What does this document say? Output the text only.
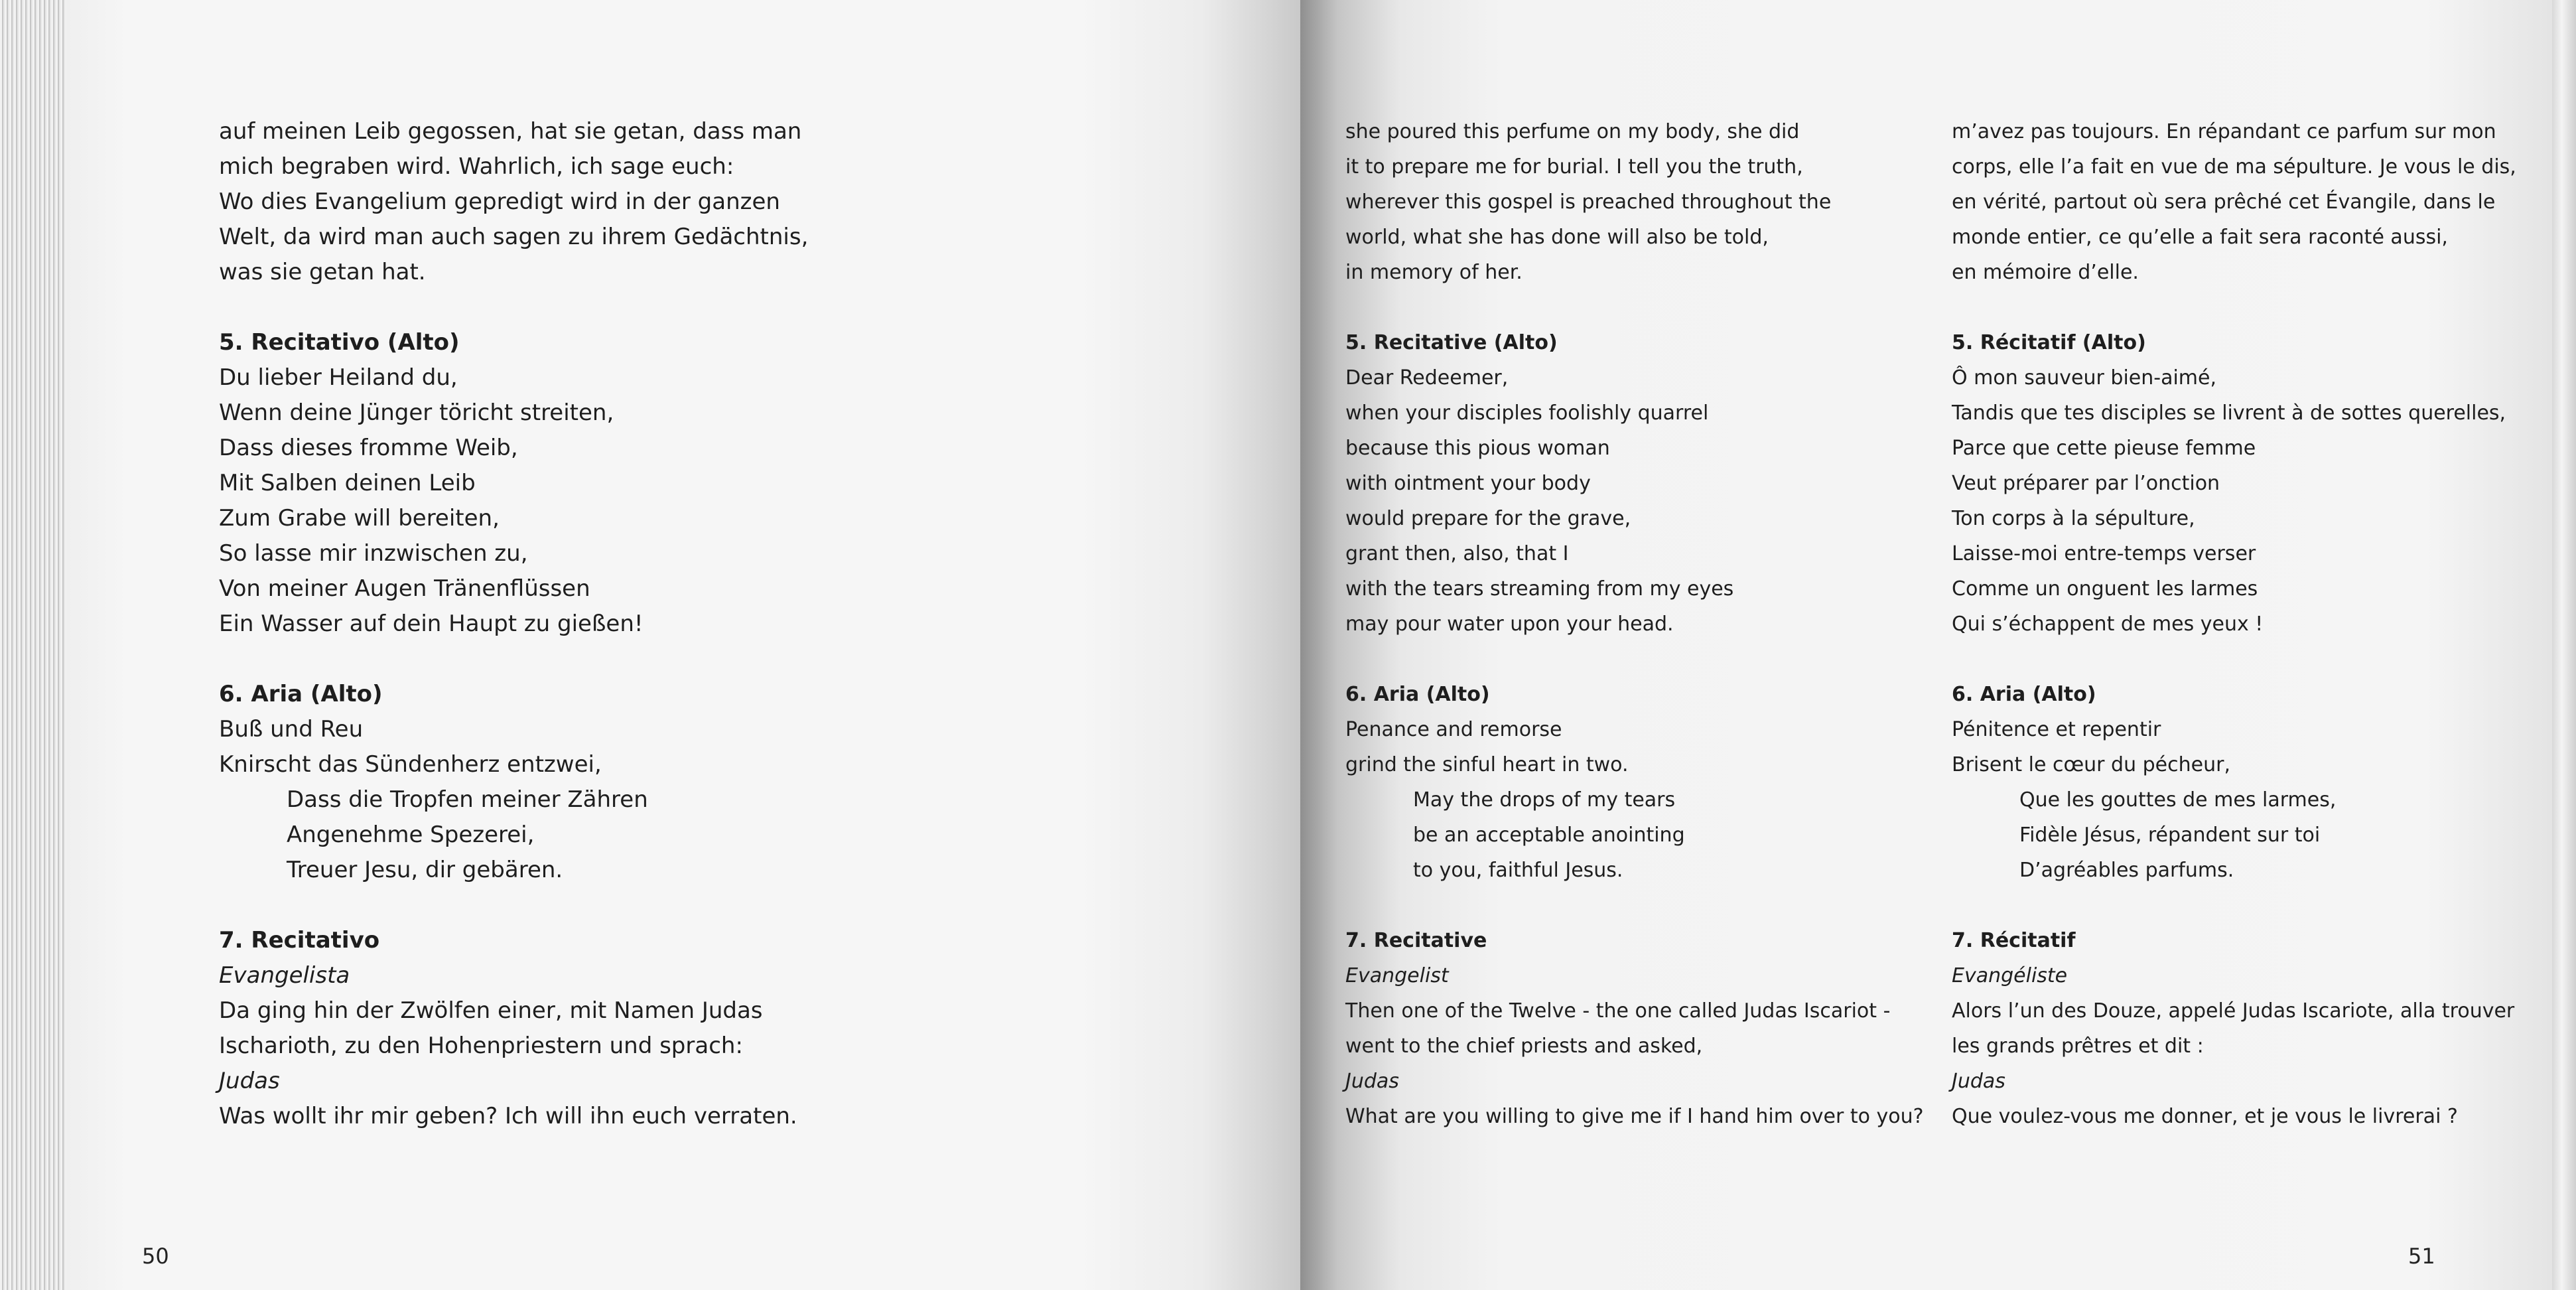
auf meinen Leib gegossen, hat sie getan, dass man
mich begraben wird. Wahrlich, ich sage euch:
Wo dies Evangelium gepredigt wird in der ganzen
Welt, da wird man auch sagen zu ihrem Gedächtnis,
was sie getan hat.
5. Recitativo (Alto)
Du lieber Heiland du,
Wenn deine Jünger töricht streiten,
Dass dieses fromme Weib,
Mit Salben deinen Leib
Zum Grabe will bereiten,
So lasse mir inzwischen zu,
Von meiner Augen Tränenflüssen
Ein Wasser auf dein Haupt zu gießen!
6. Aria (Alto)
Buß und Reu
Knirscht das Sündenherz entzwei,
Dass die Tropfen meiner Zähren
Angenehme Spezerei,
Treuer Jesu, dir gebären.
7. Recitativo
Evangelista
Da ging hin der Zwölfen einer, mit Namen Judas
Ischarioth, zu den Hohenpriestern und sprach:
Judas
Was wollt ihr mir geben? Ich will ihn euch verraten.
she poured this perfume on my body, she did
it to prepare me for burial. I tell you the truth,
wherever this gospel is preached throughout the
world, what she has done will also be told,
in memory of her.
5. Recitative (Alto)
Dear Redeemer,
when your disciples foolishly quarrel
because this pious woman
with ointment your body
would prepare for the grave,
grant then, also, that I
with the tears streaming from my eyes
may pour water upon your head.
6. Aria (Alto)
Penance and remorse
grind the sinful heart in two.
May the drops of my tears
be an acceptable anointing
to you, faithful Jesus.
7. Recitative
Evangelist
Then one of the Twelve - the one called Judas Iscariot -
went to the chief priests and asked,
Judas
What are you willing to give me if I hand him over to you?
m’avez pas toujours. En répandant ce parfum sur mon
corps, elle l’a fait en vue de ma sépulture. Je vous le dis,
en vérité, partout où sera prêché cet Évangile, dans le
monde entier, ce qu’elle a fait sera raconté aussi,
en mémoire d’elle.
5. Récitatif (Alto)
Ô mon sauveur bien-aimé,
Tandis que tes disciples se livrent à de sottes querelles,
Parce que cette pieuse femme
Veut préparer par l’onction
Ton corps à la sépulture,
Laisse-moi entre-temps verser
Comme un onguent les larmes
Qui s’échappent de mes yeux !
6. Aria (Alto)
Pénitence et repentir
Brisent le cœur du pécheur,
Que les gouttes de mes larmes,
Fidèle Jésus, répandent sur toi
D’agréables parfums.
7. Récitatif
Evangéliste
Alors l’un des Douze, appelé Judas Iscariote, alla trouver
les grands prêtres et dit :
Judas
Que voulez-vous me donner, et je vous le livrerai ?
50	51
